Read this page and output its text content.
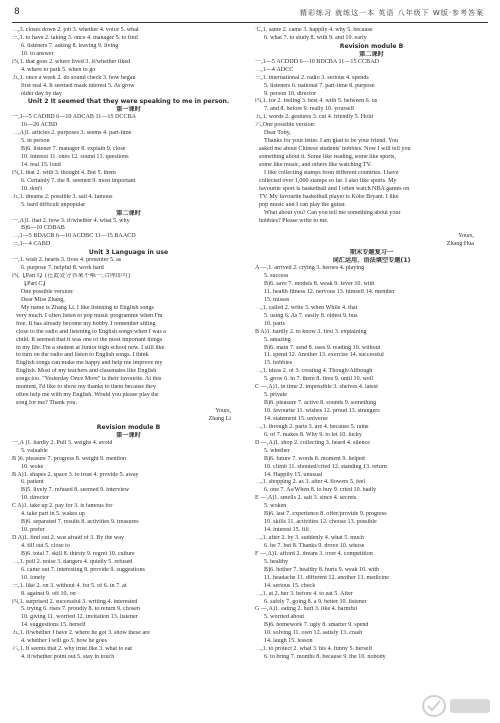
8	精彩练习 就练这一本 英语 八年级下 W版·参考答案
二,3. closes down 2. job 3. whether 4. voice 5. what
三,1. to have 2. taking 3. once 4. manager 5. to find
6. listeners 7. asking 8. leaving 9. living
10. to answer
四,1. that goes 2. where lived 3. if/whether liked
4. where to park 5. when to go
五,1. once a week 2. do sound check 3. how began
first real 4. It seemed mask interest 5. As grow
older day by day
Unit 2 It seemed that they were speaking to me in person.
第一课时
一,1—5 CADBD 6—10 ADCAB 11—15 DCCBA
16—20 ACBD
二,A)1. articles 2. purposes 3. seems 4. part-time
5. in person
B)6. listener 7. manager 8. explain 9. close
10. interest 11. ones 12. sound 13. questions
14. real 15. loud
四,1. that 2. with 3. thought 4. But 5. them
6. Certainly 7. the 8. seemed 9. most important
10. don't
五,1. dreams 2. possible 3. sail 4. famous
5. hard difficult unpopular
第二课时
一,A)1. that 2. how 3. if/whether 4. what 5. why
B)6—10 CDBAB
二,1—5 BDACB 6—10 ACDBC 11—15 BAACD
三,1—4 CABD
Unit 3 Language in use
一,1. wish 2. hearts 3. lives 4. presenter 5. as
6. purpose 7. helpful 8. work hard
四,【Part I】(在此处分答案不唯一,合理即可)
【Part C】
One possible version:
Dear Miss Zhang,
My name is Zhang Li. I like listening to English songs
very much. I often listen to pop music programme when I'm
free. It has already become my hobby. I remember sitting
close to the radio and listening to English songs when I was a
child. It seemed that it was one of the most important things
in my life. I'm a student at Junior high school now. I still like
to turn on the radio and listen to English songs. I think
English songs can make me happy and help me improve my
English. Most of my teachers and classmates like English
songs too. "Yesterday Once More" is their favourite. At this
moment, I'd like to show my thanks to them because they
often help me with my English. Would you please play the
song for me? Thank you.
Yours,
Zhang Li
Revision module B
第一课时
一,A )1. hardly 2. Pull 3. weighs 4. avoid
5. valuable
B )6. pleasure 7. progress 8. weight 9. mention
10. woke
B A)1. shapes 2. space 3. to trust 4. provide 5. away
6. patient
B)5. lively 7. refused 8. seemed 9. interview
10. director
C A)1. take up 2. pay for 3. is famous for
4. take part in 5. wakes up
B)6. separated 7. results 8. activities 9. treasures
10. prefer
D A)1. find out 2. was afraid of 3. By the way
4. fill out 5. close to
B)6. total 7. skill 8. thirsty 9. regret 10. culture
二,1. poll 2. noise 3. dangers 4. quietly 5. refused
6. came out 7. interesting 8. provide 9. suggestions
10. lonely
三,1. like 2. on 3. without 4. for 5. of 6. in 7. at
8. against 9. off 10. on
四,1. surprised 2. successful 3. writing 4. interested
5. trying 6. rises 7. proudly 8. to return 9. chosen
10. giving 11. worried 12. invitation 13. listener
14. suggestions 15. herself
五,1. if/whether I have 2. where he got 3. show these are
4. whether I will go 5. how he goes
六,1. It seems that 2. why trust like 3. what to eat
4. if/whether point out 5. stay in touch
七,1. same 2. came 3. happily 4. why 5. because
6. what 7. to study 8. with 9. and 10. early
Revision module B
第二课时
一,1—5 ACDDD 6—10 BDCBA 11—15 CCBAD
二,1—4 ADCC
三,1. international 2. radio 3. serious 4. spends
5. listeners 6. national 7. part-time 8. purpose
9. person 10. director
四,1. for 2. feeling 3. best 4. with 5. between 6. us
7. and 8. before 9. really 10. yourself
五,1. words 2. gestures 3. cut 4. friendly 5. Hold
六,One possible version:
Dear Tony,
Thanks for your letter. I am glad to be your friend. You
asked me about Chinese students' hobbies. Now I will tell you
something about it. Some like reading, some like sports,
some like music, and others like watching TV.
I like collecting stamps from different countries. I have
collected over 1,000 stamps so far. I also like sports. My
favourite sport is basketball and I often watch NBA games on
TV. My favourite basketball player is Kobe Bryant. I like
pop music and I can play the guitar.
What about you? Can you tell me something about your
hobbies? Please write to me.
Yours,
Zhang Hua
期末专题复习一
词汇运用、语法填空专题(1)
A —,1. arrived 2. crying 3. heroes 4. playing
5. success
B)6. save 7. models 8. weak 9. fever 10. with
11. health fitness 12. nervous 13. himself 14. member
15. misses
二,1. called 2. write 3. when While 4. that
5. using 6. As 7. easily 8. oldest 9. bus
10. parts
B A)1. hardly 2. to know 3. first 3. explaining
5. amazing
B)6. main 7. send 8. uses 9. reading 10. without
11. spend 12. Another 13. exercise 14. successful
15. hobbies
二,1. ideas 2. of 3. creating 4. Though/Although
5. grow 6. in 7. them 8. fires 9. until 10. well
C —,A)1. in time 2. impossible 3. shelves 4. latest
5. private
B)6. pleasure 7. active 8. sounds 9. something
10. favourite 11. wishes 12. proud 13. strangers
14. statement 15. universe
二,1. through 2. parts 3. are 4. because 5. rains
6. of 7. makes 8. Why 9. to let 10. lucky
D —,A)1. shop 2. collecting 3. heard 4. silence
5. whether
B)6. future 7. words 8. moment 9. helped
10. climb 11. shouted/cried 12. standing 13. return
14. Happily 15. unusual
二,1. shopping 2. as 3. after 4. flowers 5. feel
6. one 7. As/When 8. to buy 9. cried 10. badly
E —,A)1. smells 2. salt 3. since 4. secrets
5. woken
B)6. last 7. experience 8. offer/provide 9. progress
10. skills 11. activities 12. choose 13. possible
14. interest 15. fill
二,1. after 2. by 3. suddenly 4. what 5. much
6. be 7. but 8. Thanks 9. drove 10. whose
F —,A)1. afford 2. dream 3. over 4. competition
5. healthy
B)6. bother 7. healthy 8. hurts 9. weak 10. with
11. headache 11. different 12. another 13. medicine
14. serious 15. check
二,1. at 2. her 3. before 4. to eat 5. After
6. safely 7. going 8. a 9. better 10. listener
G —,A)1. eating 2. hurt 3. like 4. harmful
5. worried about
B)6. homework 7. ugly 8. smarter 9. spend
10. solving 11. own 12. satisfy 13. crash
14. laugh 15. lesson
二,1. to protect 2. what 3. his 4. funny 5. herself
6. to bring 7. months 8. because 9. the 10. nobody
